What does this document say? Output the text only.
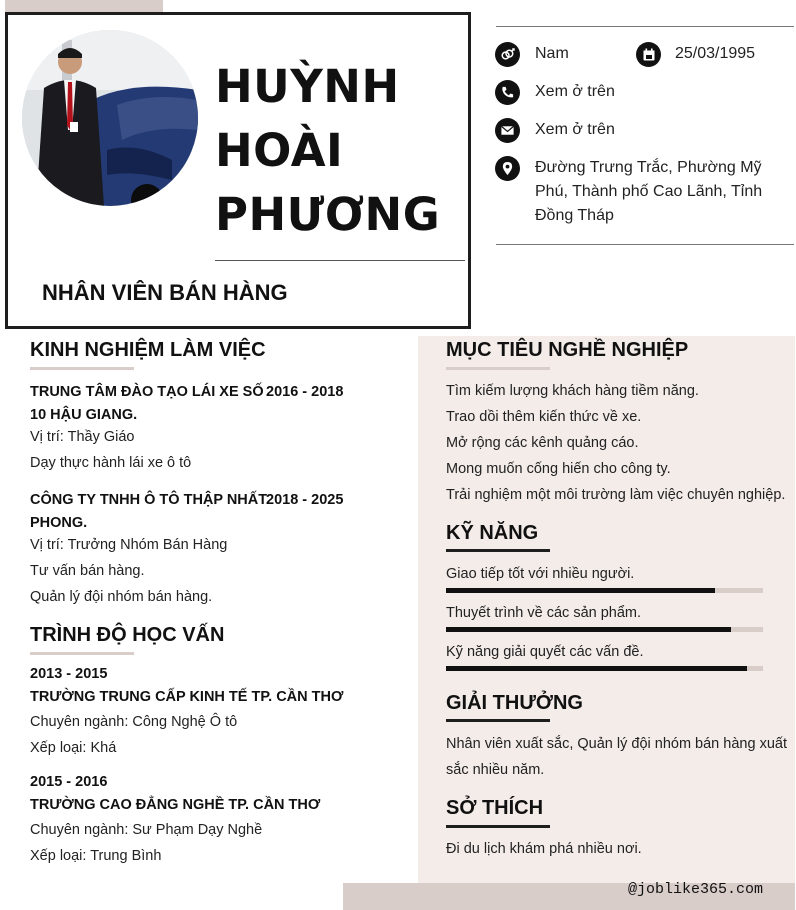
HUỲNH
HOÀI
PHƯƠNG
NHÂN VIÊN BÁN HÀNG
Nam	25/03/1995
Xem ở trên
Xem ở trên
Đường Trưng Trắc, Phường Mỹ
Phú, Thành phố Cao Lãnh, Tỉnh
Đồng Tháp
KINH NGHIỆM LÀM VIỆC
TRUNG TÂM ĐÀO TẠO LÁI XE SỐ
10 HẬU GIANG.
2016 - 2018
Vị trí: Thầy Giáo
Dạy thực hành lái xe ô tô
CÔNG TY TNHH Ô TÔ THẬP NHẤT
PHONG.
2018 - 2025
Vị trí: Trưởng Nhóm Bán Hàng
Tư vấn bán hàng.
Quản lý đội nhóm bán hàng.
TRÌNH ĐỘ HỌC VẤN
2013 - 2015
TRƯỜNG TRUNG CẤP KINH TẾ TP. CẦN THƠ
Chuyên ngành: Công Nghệ Ô tô
Xếp loại: Khá
2015 - 2016
TRƯỜNG CAO ĐẲNG NGHỀ TP. CẦN THƠ
Chuyên ngành: Sư Phạm Dạy Nghề
Xếp loại: Trung Bình
@joblike365.com
MỤC TIÊU NGHỀ NGHIỆP
Tìm kiếm lượng khách hàng tiềm năng.
Trao dồi thêm kiến thức về xe.
Mở rộng các kênh quảng cáo.
Mong muốn cống hiến cho công ty.
Trải nghiệm một môi trường làm việc chuyên nghiệp.
KỸ NĂNG
Giao tiếp tốt với nhiều người.
Thuyết trình về các sản phẩm.
Kỹ năng giải quyết các vấn đề.
GIẢI THƯỞNG
Nhân viên xuất sắc, Quản lý đội nhóm bán hàng xuất
sắc nhiều năm.
SỞ THÍCH
Đi du lịch khám phá nhiều nơi.
